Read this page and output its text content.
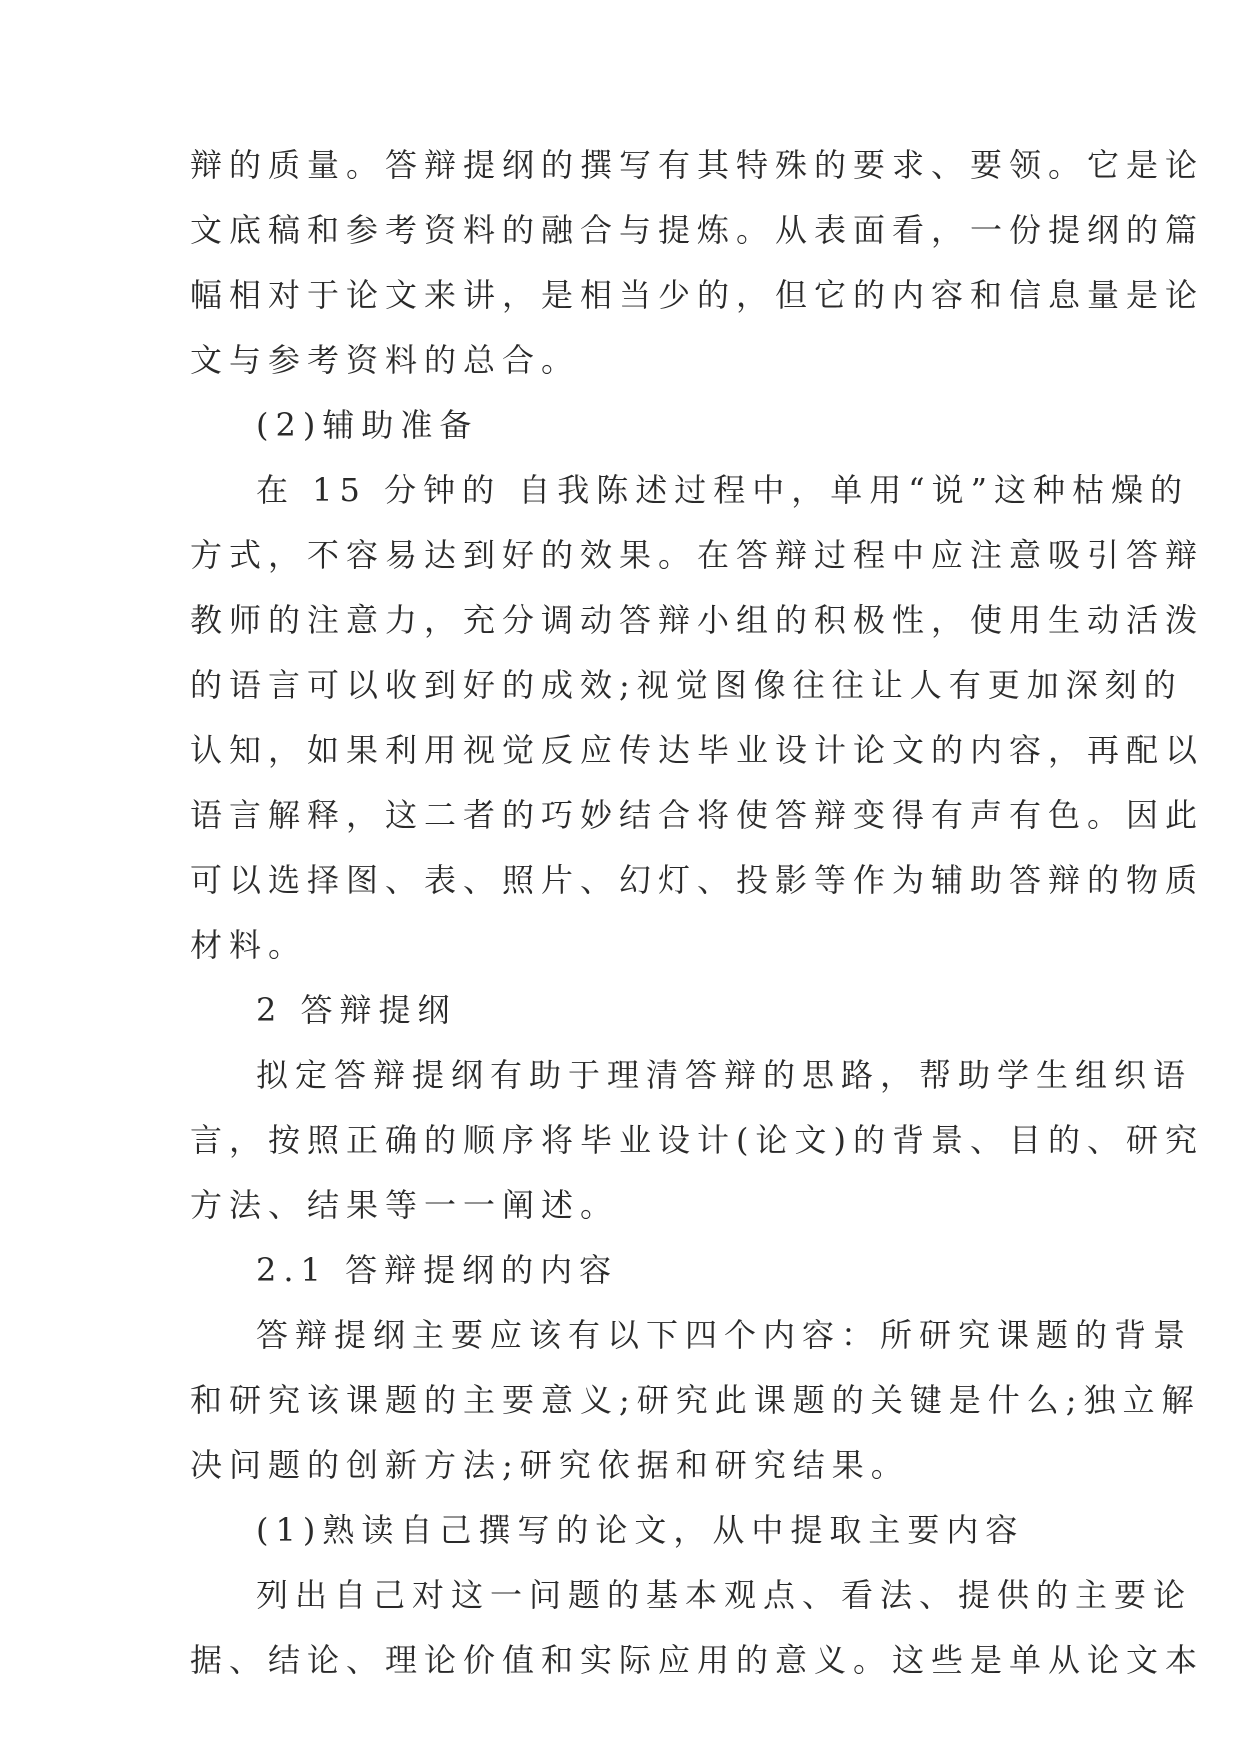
辩的质量。答辩提纲的撰写有其特殊的要求、要领。它是论
文底稿和参考资料的融合与提炼。从表面看，一份提纲的篇
幅相对于论文来讲，是相当少的，但它的内容和信息量是论
文与参考资料的总合。
(2)辅助准备
在 15 分钟的 自我陈述过程中，单用“说”这种枯燥的
方式，不容易达到好的效果。在答辩过程中应注意吸引答辩
教师的注意力，充分调动答辩小组的积极性，使用生动活泼
的语言可以收到好的成效;视觉图像往往让人有更加深刻的
认知，如果利用视觉反应传达毕业设计论文的内容，再配以
语言解释，这二者的巧妙结合将使答辩变得有声有色。因此
可以选择图、表、照片、幻灯、投影等作为辅助答辩的物质
材料。
2 答辩提纲
拟定答辩提纲有助于理清答辩的思路，帮助学生组织语
言，按照正确的顺序将毕业设计(论文)的背景、目的、研究
方法、结果等一一阐述。
2.1 答辩提纲的内容
答辩提纲主要应该有以下四个内容：所研究课题的背景
和研究该课题的主要意义;研究此课题的关键是什么;独立解
决问题的创新方法;研究依据和研究结果。
(1)熟读自己撰写的论文，从中提取主要内容
列出自己对这一问题的基本观点、看法、提供的主要论
据、结论、理论价值和实际应用的意义。这些是单从论文本
